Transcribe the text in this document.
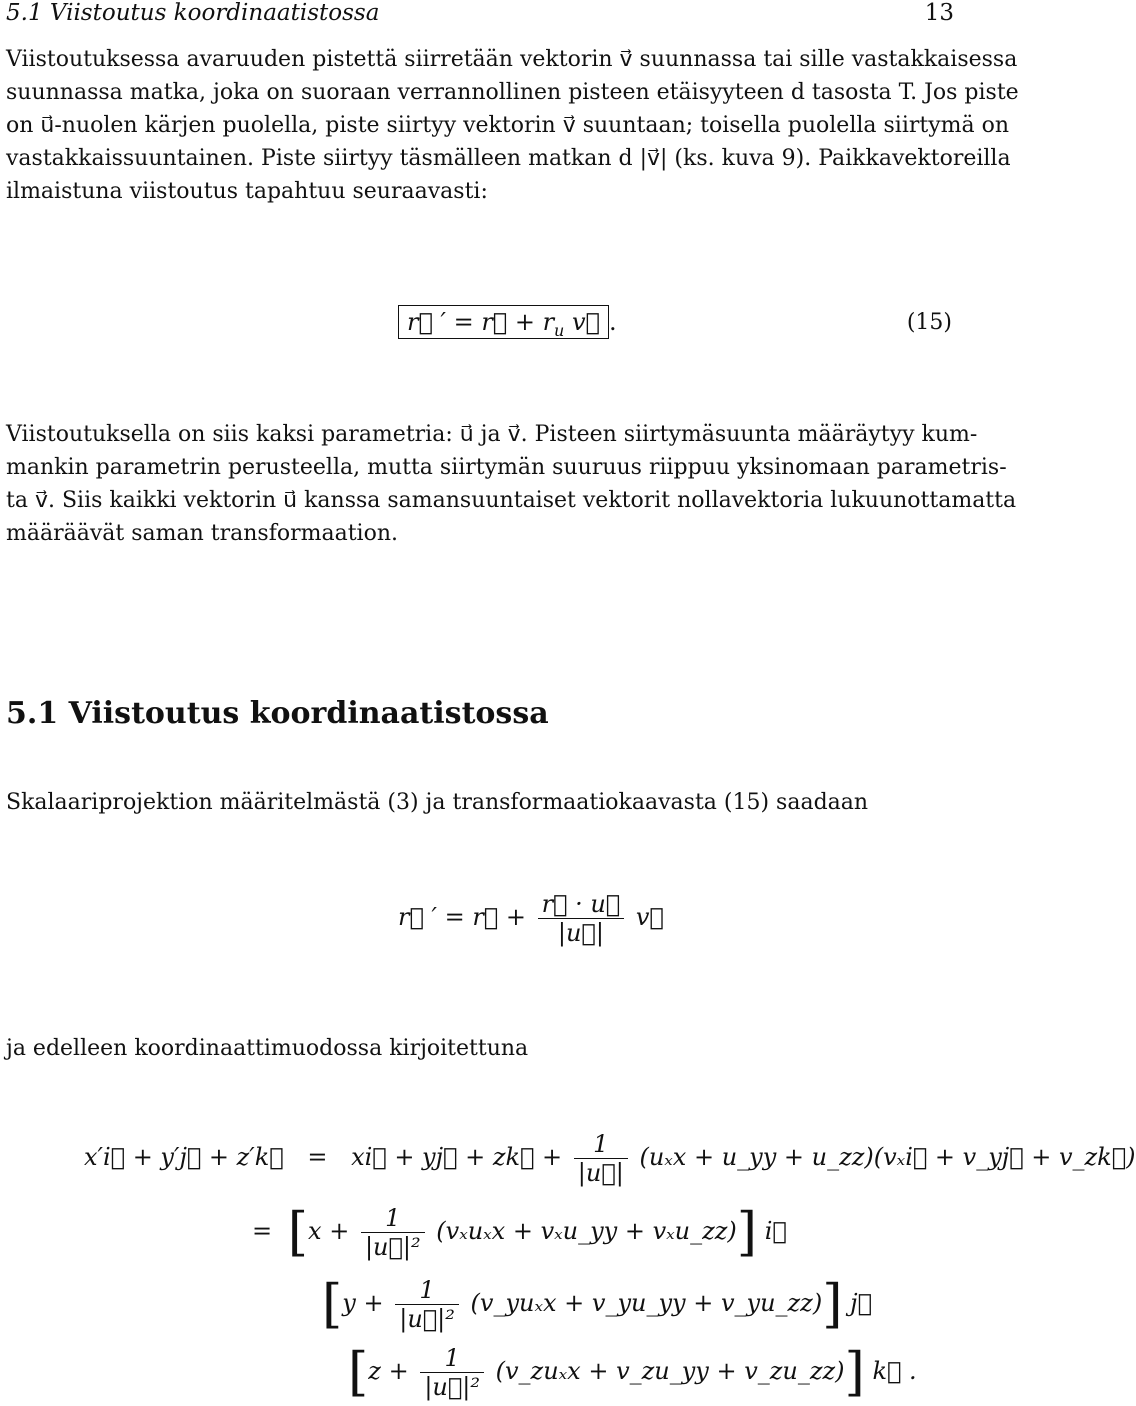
5.1 Viistoutus koordinaatistossa	13
Viistoutuksessa avaruuden pistettä siirretään vektorin v⃗ suunnassa tai sille vastakkaisessa
suunnassa matka, joka on suoraan verrannollinen pisteen etäisyyteen d tasosta T. Jos piste
on u⃗-nuolen kärjen puolella, piste siirtyy vektorin v⃗ suuntaan; toisella puolella siirtymä on
vastakkaissuuntainen. Piste siirtyy täsmälleen matkan d |v⃗| (ks. kuva 9). Paikkavektoreilla
ilmaistuna viistoutus tapahtuu seuraavasti:
r⃗ ′ = r⃗ + $r_u$ v⃗ .	(15)
Viistoutuksella on siis kaksi parametria: u⃗ ja v⃗. Pisteen siirtymäsuunta määräytyy kum-
mankin parametrin perusteella, mutta siirtymän suuruus riippuu yksinomaan parametris-
ta v⃗. Siis kaikki vektorin u⃗ kanssa samansuuntaiset vektorit nollavektoria lukuunottamatta
määräävät saman transformaation.
5.1 Viistoutus koordinaatistossa
Skalaariprojektion määritelmästä (3) ja transformaatiokaavasta (15) saadaan
r⃗ ′ = r⃗ + $\frac{r⃗ \cdot u⃗}{|u⃗|}$ v⃗
ja edelleen koordinaattimuodossa kirjoitettuna
x′i⃗ + y′j⃗ + z′k⃗ = xi⃗ + yj⃗ + zk⃗ + $\frac{1}{|u⃗|} (u_xx$ + u_yy + u_zz)(vₓi⃗ + v_yj⃗ + v_zk⃗)
= [$x + \frac{1}{\text{|u⃗|²}} (v_xu_xx$ + vₓu_yy + vₓu_zz)] i⃗
[$y + \frac{1}{\text{|u⃗|²}}$ (v_yuₓx + v_yu_yy + v_yu_zz)] j⃗
[$z + \frac{1}{\text{|u⃗|²}}$ (v_zuₓx + v_zu_yy + v_zu_zz)] k⃗ .
